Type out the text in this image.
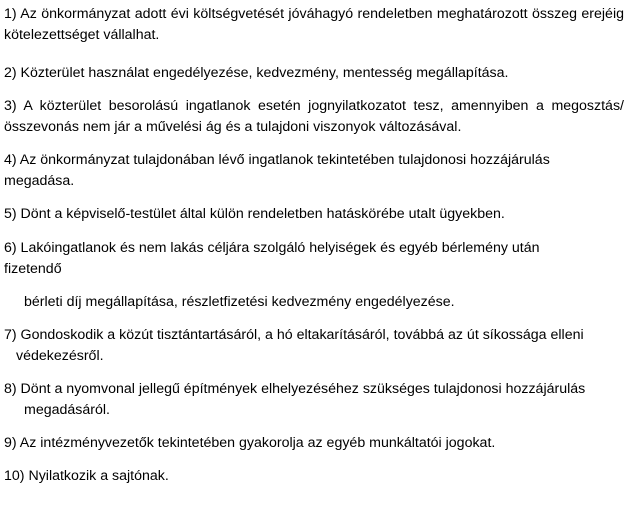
1) Az önkormányzat adott évi költségvetését jóváhagyó rendeletben meghatározott összeg erejéig kötelezettséget vállalhat.

2) Közterület használat engedélyezése, kedvezmény, mentesség megállapítása.

3) A közterület besorolású ingatlanok esetén jognyilatkozatot tesz, amennyiben a megosztás/összevonás nem jár a művelési ág és a tulajdoni viszonyok változásával.

4) Az önkormányzat tulajdonában lévő ingatlanok tekintetében tulajdonosi hozzájárulás megadása.

5) Dönt a képviselő-testület által külön rendeletben hatáskörébe utalt ügyekben.

6) Lakóingatlanok és nem lakás céljára szolgáló helyiségek és egyéb bérlemény után fizetendő

bérleti díj megállapítása, részletfizetési kedvezmény engedélyezése.

7) Gondoskodik a közút tisztántartásáról, a hó eltakarításáról, továbbá az út síkossága elleni védekezésről.

8) Dönt a nyomvonal jellegű építmények elhelyezéséhez szükséges tulajdonosi hozzájárulás megadásáról.

9) Az intézményvezetők tekintetében gyakorolja az egyéb munkáltatói jogokat.

10) Nyilatkozik a sajtónak.
